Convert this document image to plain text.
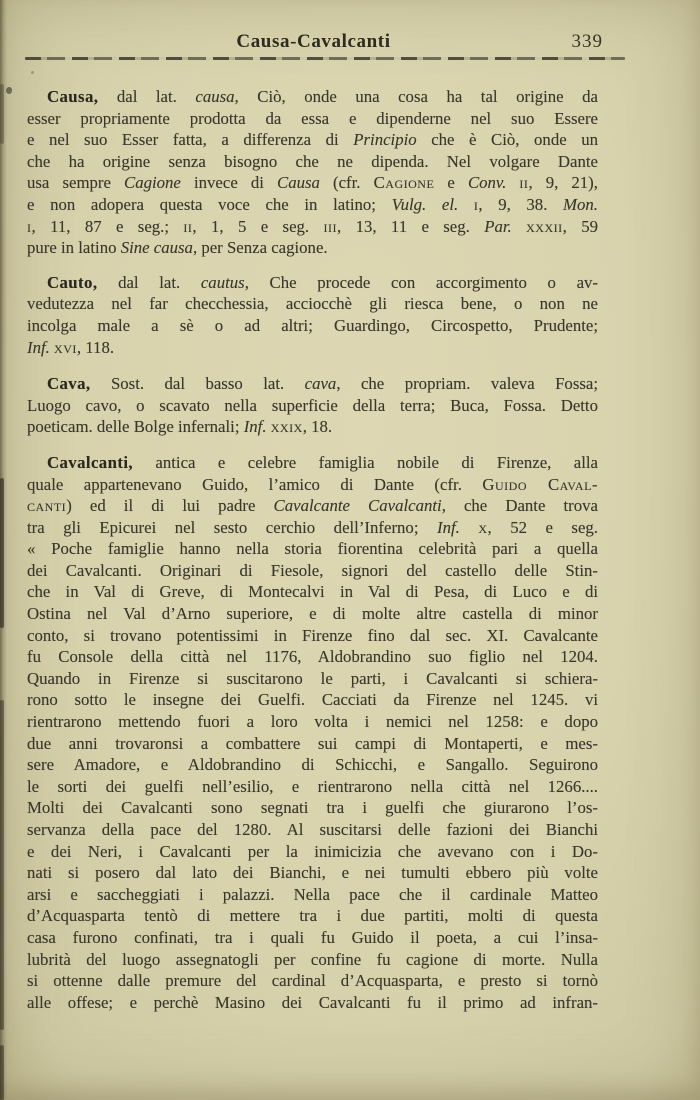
Causa-Cavalcanti	339
Causa, dal lat. causa, Ciò, onde una cosa ha tal origine da
esser propriamente prodotta da essa e dipenderne nel suo Essere
e nel suo Esser fatta, a differenza di Principio che è Ciò, onde un
che ha origine senza bisogno che ne dipenda. Nel volgare Dante
usa sempre Cagione invece di Causa (cfr. Cagione e Conv. ii, 9, 21),
e non adopera questa voce che in latino; Vulg. el. i, 9, 38. Mon.
i, 11, 87 e seg.; ii, 1, 5 e seg. iii, 13, 11 e seg. Par. xxxii, 59
pure in latino Sine causa, per Senza cagione.
Cauto, dal lat. cautus, Che procede con accorgimento o av-
vedutezza nel far checchessia, acciocchè gli riesca bene, o non ne
incolga male a sè o ad altri; Guardingo, Circospetto, Prudente;
Inf. xvi, 118.
Cava, Sost. dal basso lat. cava, che propriam. valeva Fossa;
Luogo cavo, o scavato nella superficie della terra; Buca, Fossa. Detto
poeticam. delle Bolge infernali; Inf. xxix, 18.
Cavalcanti, antica e celebre famiglia nobile di Firenze, alla
quale appartenevano Guido, l’amico di Dante (cfr. Guido Caval-
canti) ed il di lui padre Cavalcante Cavalcanti, che Dante trova
tra gli Epicurei nel sesto cerchio dell’Inferno; Inf. x, 52 e seg.
« Poche famiglie hanno nella storia fiorentina celebrità pari a quella
dei Cavalcanti. Originari di Fiesole, signori del castello delle Stin-
che in Val di Greve, di Montecalvi in Val di Pesa, di Luco e di
Ostina nel Val d’Arno superiore, e di molte altre castella di minor
conto, si trovano potentissimi in Firenze fino dal sec. XI. Cavalcante
fu Console della città nel 1176, Aldobrandino suo figlio nel 1204.
Quando in Firenze si suscitarono le parti, i Cavalcanti si schiera-
rono sotto le insegne dei Guelfi. Cacciati da Firenze nel 1245. vi
rientrarono mettendo fuori a loro volta i nemici nel 1258: e dopo
due anni trovaronsi a combattere sui campi di Montaperti, e mes-
sere Amadore, e Aldobrandino di Schicchi, e Sangallo. Seguirono
le sorti dei guelfi nell’esilio, e rientrarono nella città nel 1266....
Molti dei Cavalcanti sono segnati tra i guelfi che giurarono l’os-
servanza della pace del 1280. Al suscitarsi delle fazioni dei Bianchi
e dei Neri, i Cavalcanti per la inimicizia che avevano con i Do-
nati si posero dal lato dei Bianchi, e nei tumulti ebbero più volte
arsi e saccheggiati i palazzi. Nella pace che il cardinale Matteo
d’Acquasparta tentò di mettere tra i due partiti, molti di questa
casa furono confinati, tra i quali fu Guido il poeta, a cui l’insa-
lubrità del luogo assegnatogli per confine fu cagione di morte. Nulla
si ottenne dalle premure del cardinal d’Acquasparta, e presto si tornò
alle offese; e perchè Masino dei Cavalcanti fu il primo ad infran-
